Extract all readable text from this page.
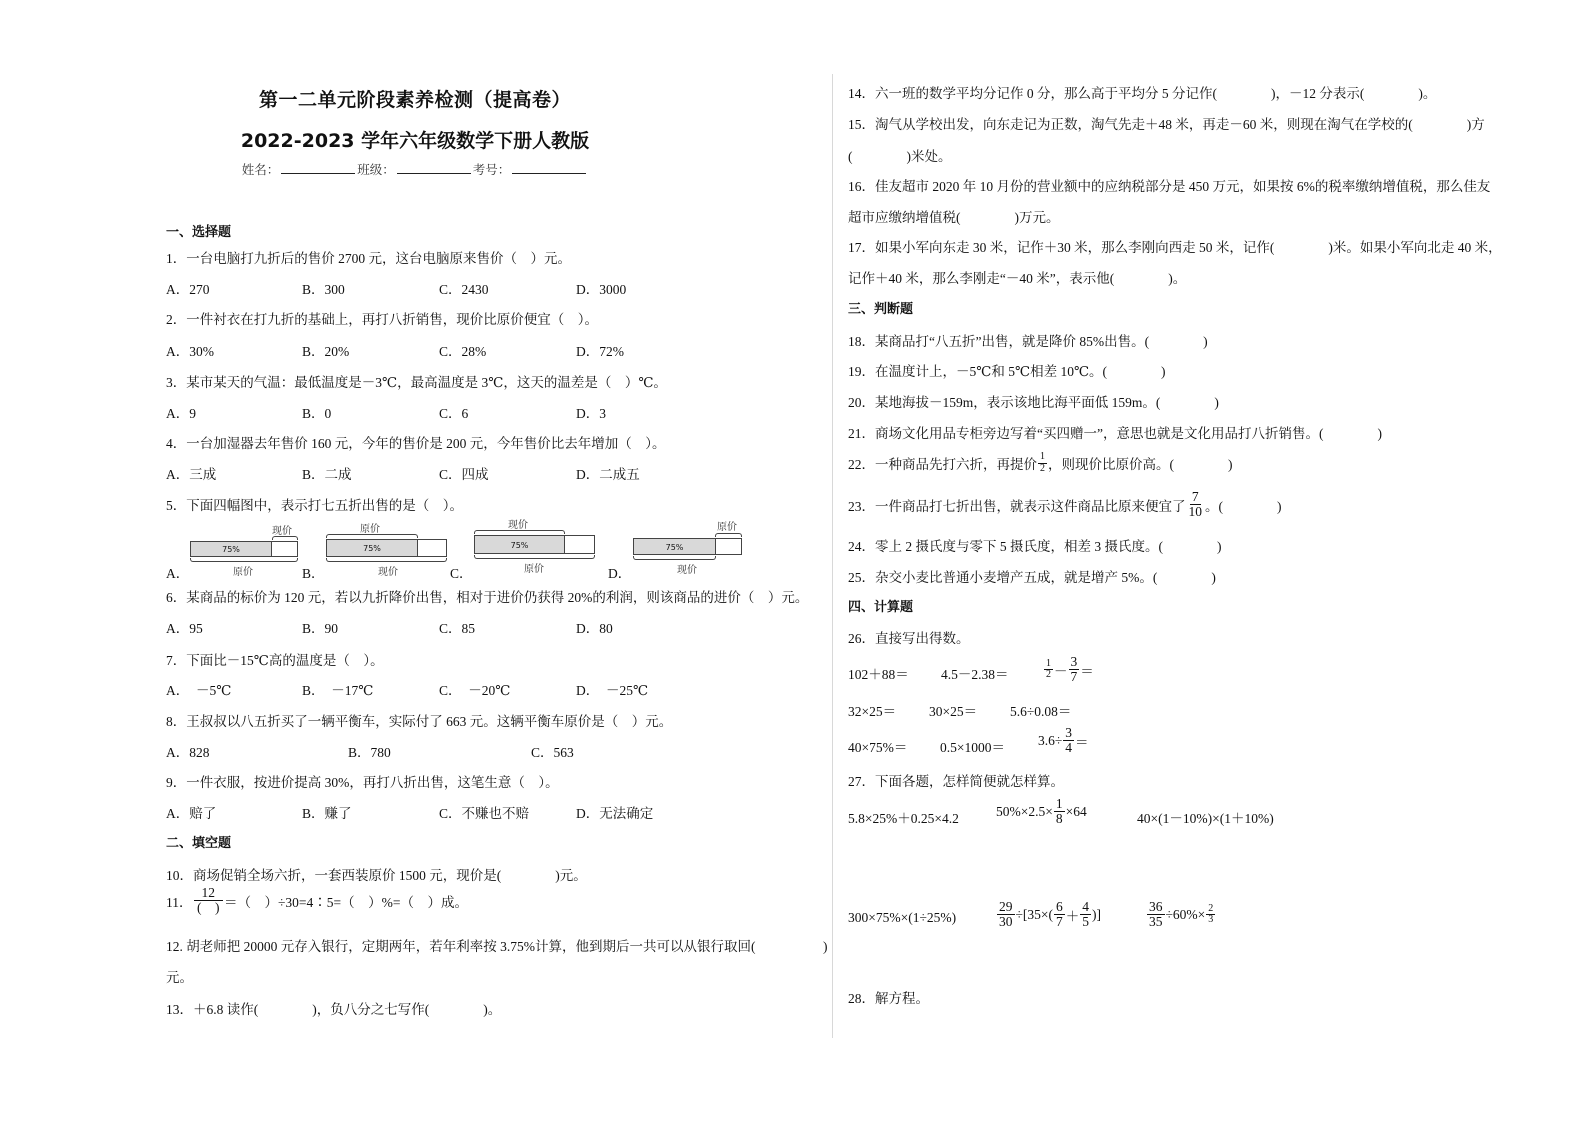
第一二单元阶段素养检测（提高卷）
2022-2023 学年六年级数学下册人教版
姓名：	班级：	考号：
一、选择题
1．一台电脑打九折后的售价 2700 元，这台电脑原来售价（　）元。
A．270	B．300	C．2430	D．3000
2．一件衬衣在打九折的基础上，再打八折销售，现价比原价便宜（　）。
A．30%	B．20%	C．28%	D．72%
3．某市某天的气温：最低温度是－3℃，最高温度是 3℃，这天的温差是（　）℃。
A．9	B．0	C．6	D．3
4．一台加湿器去年售价 160 元，今年的售价是 200 元，今年售价比去年增加（　）。
A．三成	B．二成	C．四成	D．二成五
5．下面四幅图中，表示打七五折出售的是（　）。
A．	B．	C．	D．
现价
75%
原价
原价
75%
现价
现价
75%
原价
原价
75%
现价
6．某商品的标价为 120 元，若以九折降价出售，相对于进价仍获得 20%的利润，则该商品的进价（　）元。
A．95	B．90	C．85	D．80
7．下面比－15℃高的温度是（　）。
A．　－5℃	B．　－17℃	C．　－20℃	D．　－25℃
8．王叔叔以八五折买了一辆平衡车，实际付了 663 元。这辆平衡车原价是（　）元。
A．828	B．780	C．563
9．一件衣服，按进价提高 30%，再打八折出售，这笔生意（　）。
A．赔了	B．赚了	C．不赚也不赔	D．无法确定
二、填空题
10．商场促销全场六折，一套西装原价 1500 元，现价是(　　　　)元。
11． $\frac{12}{( )}$ ＝（　）÷30=4∶5=（　）%=（　）成。
12. 胡老师把 20000 元存入银行，定期两年，若年利率按 3.75%计算，他到期后一共可以从银行取回(　　　　　)
元。
13．＋6.8 读作(　　　　)，负八分之七写作(　　　　)。
14．六一班的数学平均分记作 0 分，那么高于平均分 5 分记作(　　　　)，－12 分表示(　　　　)。
15．淘气从学校出发，向东走记为正数，淘气先走＋48 米，再走－60 米，则现在淘气在学校的(　　　　)方
(　　　　)米处。
16．佳友超市 2020 年 10 月份的营业额中的应纳税部分是 450 万元，如果按 6%的税率缴纳增值税，那么佳友
超市应缴纳增值税(　　　　)万元。
17．如果小军向东走 30 米，记作＋30 米，那么李刚向西走 50 米，记作(　　　　)米。如果小军向北走 40 米，
记作＋40 米，那么李刚走“－40 米”，表示他(　　　　)。
三、判断题
18．某商品打“八五折”出售，就是降价 85%出售。(　　　　)
19．在温度计上，－5℃和 5℃相差 10℃。(　　　　)
20．某地海拔－159m，表示该地比海平面低 159m。(　　　　)
21．商场文化用品专柜旁边写着“买四赠一”，意思也就是文化用品打八折销售。(　　　　)
22．一种商品先打六折，再提价 $\frac{1}{2}$ ，则现价比原价高。(　　　　)
23．一件商品打七折出售，就表示这件商品比原来便宜了 $\frac{7}{10}$ 。(　　　　)
24．零上 2 摄氏度与零下 5 摄氏度，相差 3 摄氏度。(　　　　)
25．杂交小麦比普通小麦增产五成，就是增产 5%。(　　　　)
四、计算题
26．直接写出得数。
102＋88＝ 4.5－2.38＝	$\frac{1}{2} - \frac{3}{7}$ ＝
32×25＝ 30×25＝ 5.6÷0.08＝
$40\times 75\%= 0.5\times 1000= 3.6\div \frac{3}{4}$ ＝
27．下面各题，怎样简便就怎样算。
5.8×25%＋0.25×4.2	$50\%\times 2.5\times \frac{1}{8} \times 64$	40×(1－10%)×(1＋10%)
300×75%×(1÷25%)	$\frac{29}{30} \div[35\times( \frac{6}{7} + \frac{4}{5}$ )]	$\frac{36}{35} \div 60\%\times \frac{2}{3}$
28．解方程。
